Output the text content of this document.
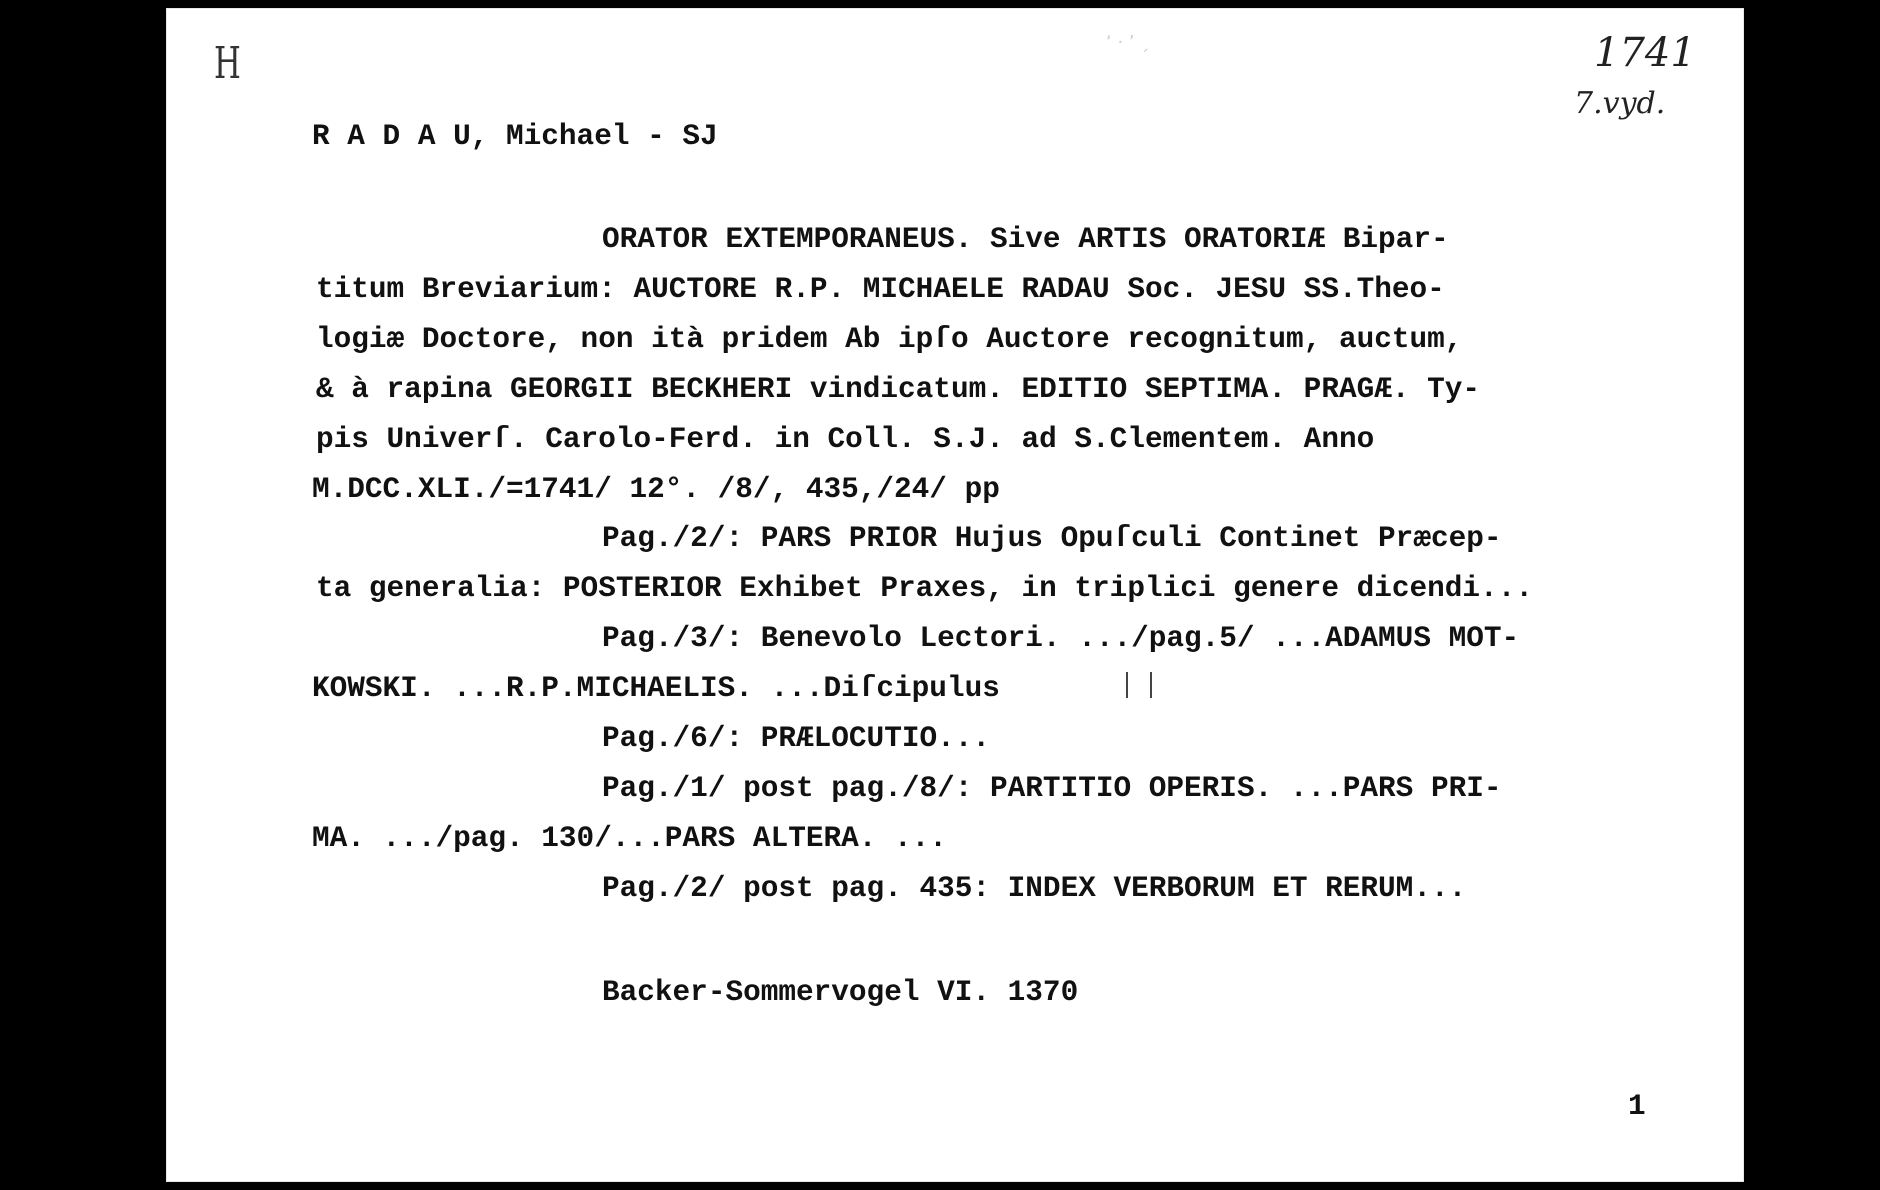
H	‘ · ’ ˏ	1741
7.vyd.
R A D A U, Michael - SJ
ORATOR EXTEMPORANEUS. Sive ARTIS ORATORIÆ Bipar-
titum Breviarium: AUCTORE R.P. MICHAELE RADAU Soc. JESU SS.Theo-
logiæ Doctore, non ità pridem Ab ipſo Auctore recognitum, auctum,
& à rapina GEORGII BECKHERI vindicatum. EDITIO SEPTIMA. PRAGÆ. Ty-
pis Univerſ. Carolo-Ferd. in Coll. S.J. ad S.Clementem. Anno
M.DCC.XLI./=1741/ 12°. /8/, 435,/24/ pp
Pag./2/: PARS PRIOR Hujus Opuſculi Continet Præcep-
ta generalia: POSTERIOR Exhibet Praxes, in triplici genere dicendi...
Pag./3/: Benevolo Lectori. .../pag.5/ ...ADAMUS MOT-
KOWSKI. ...R.P.MICHAELIS. ...Diſcipulus
Pag./6/: PRÆLOCUTIO...
Pag./1/ post pag./8/: PARTITIO OPERIS. ...PARS PRI-
MA. .../pag. 130/...PARS ALTERA. ...
Pag./2/ post pag. 435: INDEX VERBORUM ET RERUM...
Backer-Sommervogel VI. 1370
1
